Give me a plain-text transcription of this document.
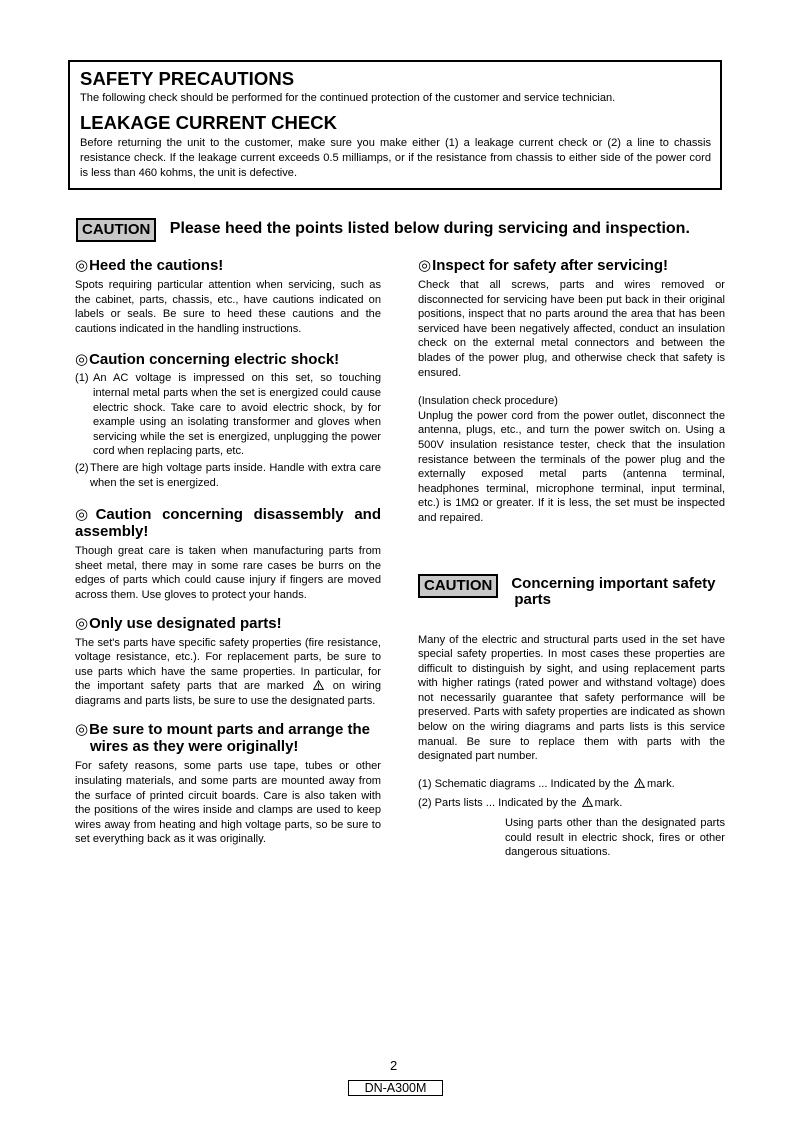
SAFETY PRECAUTIONS

The following check should be performed for the continued protection of the customer and service technician.

LEAKAGE CURRENT CHECK

Before returning the unit to the customer, make sure you make either (1) a leakage current check or (2) a line to chassis resistance check. If the leakage current exceeds 0.5 milliamps, or if the resistance from chassis to either side of the power cord is less than 460 kohms, the unit is defective.

CAUTION Please heed the points listed below during servicing and inspection.
◎Heed the cautions!

Spots requiring particular attention when servicing, such as the cabinet, parts, chassis, etc., have cautions indicated on labels or seals. Be sure to heed these cautions and the cautions indicated in the handling instructions.

◎Caution concerning electric shock!
(1) An AC voltage is impressed on this set, so touching internal metal parts when the set is energized could cause electric shock. Take care to avoid electric shock, by for example using an isolating transformer and gloves when servicing while the set is energized, unplugging the power cord when replacing parts, etc.
(2) There are high voltage parts inside. Handle with extra care when the set is energized.
◎Caution concerning disassembly and assembly!

Though great care is taken when manufacturing parts from sheet metal, there may in some rare cases be burrs on the edges of parts which could cause injury if fingers are moved across them. Use gloves to protect your hands.

◎Only use designated parts!

The set's parts have specific safety properties (fire resistance, voltage resistance, etc.). For replacement parts, be sure to use parts which have the same properties. In particular, for the important safety parts that are marked	on wiring diagrams and parts lists, be sure to use the designated parts.

◎Be sure to mount parts and arrange the wires as they were originally!

For safety reasons, some parts use tape, tubes or other insulating materials, and some parts are mounted away from the surface of printed circuit boards. Care is also taken with the positions of the wires inside and clamps are used to keep wires away from heating and high voltage parts, so be sure to set everything back as it was originally.

◎Inspect for safety after servicing!

Check that all screws, parts and wires removed or disconnected for servicing have been put back in their original positions, inspect that no parts around the area that has been serviced have been negatively affected, conduct an insulation check on the external metal connectors and between the blades of the power plug, and otherwise check that safety is ensured.

(Insulation check procedure)

Unplug the power cord from the power outlet, disconnect the antenna, plugs, etc., and turn the power switch on. Using a 500V insulation resistance tester, check that the insulation resistance between the terminals of the power plug and the externally exposed metal parts (antenna terminal, headphones terminal, microphone terminal, input terminal, etc.) is 1MΩ or greater. If it is less, the set must be inspected and repaired.

CAUTION	Concerning important safety
parts

Many of the electric and structural parts used in the set have special safety properties. In most cases these properties are difficult to distinguish by sight, and using replacement parts with higher ratings (rated power and withstand voltage) does not necessarily guarantee that safety performance will be preserved. Parts with safety properties are indicated as shown below on the wiring diagrams and parts lists is this service manual. Be sure to replace them with parts with the designated part number.

(1) Schematic diagrams ... Indicated by the mark.

(2) Parts lists ... Indicated by the mark.

Using parts other than the designated parts could result in electric shock, fires or other dangerous situations.

2
DN-A300M
